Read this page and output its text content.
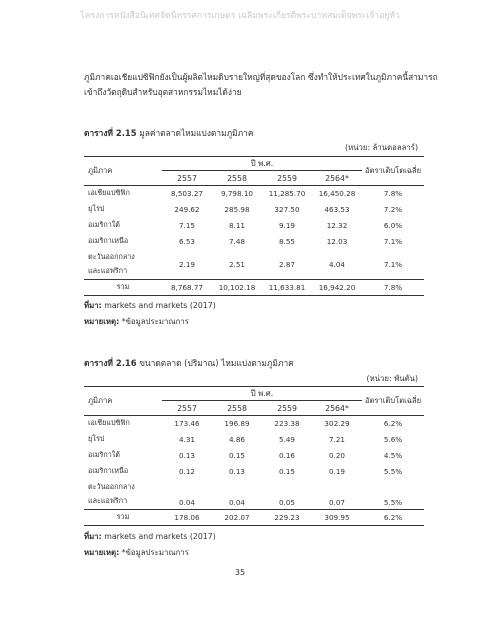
โครงการหนังสือนิเทศจัดนิทรรศการเกษตร เฉลิมพระเกียรติพระบาทสมเด็จพระเจ้าอยู่หัว
ภูมิภาคเอเชียแปซิฟิกยังเป็นผู้ผลิตไหมดิบรายใหญ่ที่สุดของโลก ซึ่งทำให้ประเทศในภูมิภาคนี้สามารถ
เข้าถึงวัตถุดิบสำหรับอุตสาหกรรมไหมได้ง่าย
ตารางที่ 2.15 มูลค่าตลาดไหมแบ่งตามภูมิภาค
(หน่วย: ล้านดอลลาร์)
ภูมิภาค	ปี พ.ศ.				อัตราเติบโตเฉลี่ย
	2557	2558	2559	2564*	
เอเชียแปซิฟิก	8,503.27	9,798.10	11,285.70	16,450.28	7.8%
ยุโรป	249.62	285.98	327.50	463.53	7.2%
อเมริกาใต้	7.15	8.11	9.19	12.32	6.0%
อเมริกาเหนือ	6.53	7.48	8.55	12.03	7.1%

ตะวันออกกลาง
และแอฟริกา	2.19	2.51	2.87	4.04	7.1%
รวม	8,768.77	10,102.18	11,633.81	16,942.20	7.8%
ที่มา: markets and markets (2017)
หมายเหตุ: *ข้อมูลประมาณการ
ตารางที่ 2.16 ขนาดตลาด (ปริมาณ) ไหมแบ่งตามภูมิภาค
(หน่วย: พันตัน)
ภูมิภาค	ปี พ.ศ.				อัตราเติบโตเฉลี่ย
	2557	2558	2559	2564*	
เอเชียแปซิฟิก	173.46	196.89	223.38	302.29	6.2%
ยุโรป	4.31	4.86	5.49	7.21	5.6%
อเมริกาใต้	0.13	0.15	0.16	0.20	4.5%
อเมริกาเหนือ	0.12	0.13	0.15	0.19	5.5%

ตะวันออกกลาง
และแอฟริกา	0.04	0.04	0.05	0.07	5.5%
รวม	178.06	202.07	229.23	309.95	6.2%
ที่มา: markets and markets (2017)
หมายเหตุ: *ข้อมูลประมาณการ
35
